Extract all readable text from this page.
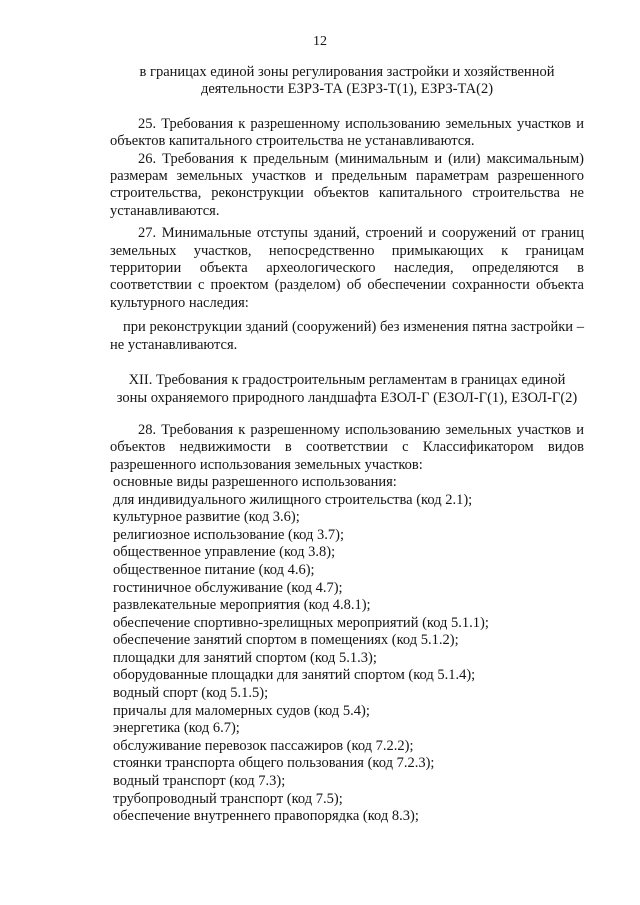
12

в границах единой зоны регулирования застройки и хозяйственной деятельности ЕЗРЗ-ТА (ЕЗРЗ-Т(1), ЕЗРЗ-ТА(2)

25. Требования к разрешенному использованию земельных участков и объектов капитального строительства не устанавливаются.

26. Требования к предельным (минимальным и (или) максимальным) размерам земельных участков и предельным параметрам разрешенного строительства, реконструкции объектов капитального строительства не устанавливаются.

27. Минимальные отступы зданий, строений и сооружений от границ земельных участков, непосредственно примыкающих к границам территории объекта археологического наследия, определяются в соответствии с проектом (разделом) об обеспечении сохранности объекта культурного наследия:

при реконструкции зданий (сооружений) без изменения пятна застройки – не устанавливаются.

XII. Требования к градостроительным регламентам в границах единой зоны охраняемого природного ландшафта ЕЗОЛ-Г (ЕЗОЛ-Г(1), ЕЗОЛ-Г(2)

28. Требования к разрешенному использованию земельных участков и объектов недвижимости в соответствии с Классификатором видов разрешенного использования земельных участков:

основные виды разрешенного использования:

для индивидуального жилищного строительства (код 2.1);
культурное развитие (код 3.6);
религиозное использование (код 3.7);
общественное управление (код 3.8);
общественное питание (код 4.6);
гостиничное обслуживание (код 4.7);
развлекательные мероприятия (код 4.8.1);
обеспечение спортивно-зрелищных мероприятий (код 5.1.1);
обеспечение занятий спортом в помещениях (код 5.1.2);
площадки для занятий спортом (код 5.1.3);
оборудованные площадки для занятий спортом (код 5.1.4);
водный спорт (код 5.1.5);
причалы для маломерных судов (код 5.4);
энергетика (код 6.7);
обслуживание перевозок пассажиров (код 7.2.2);
стоянки транспорта общего пользования (код 7.2.3);
водный транспорт (код 7.3);
трубопроводный транспорт (код 7.5);
обеспечение внутреннего правопорядка (код 8.3);
